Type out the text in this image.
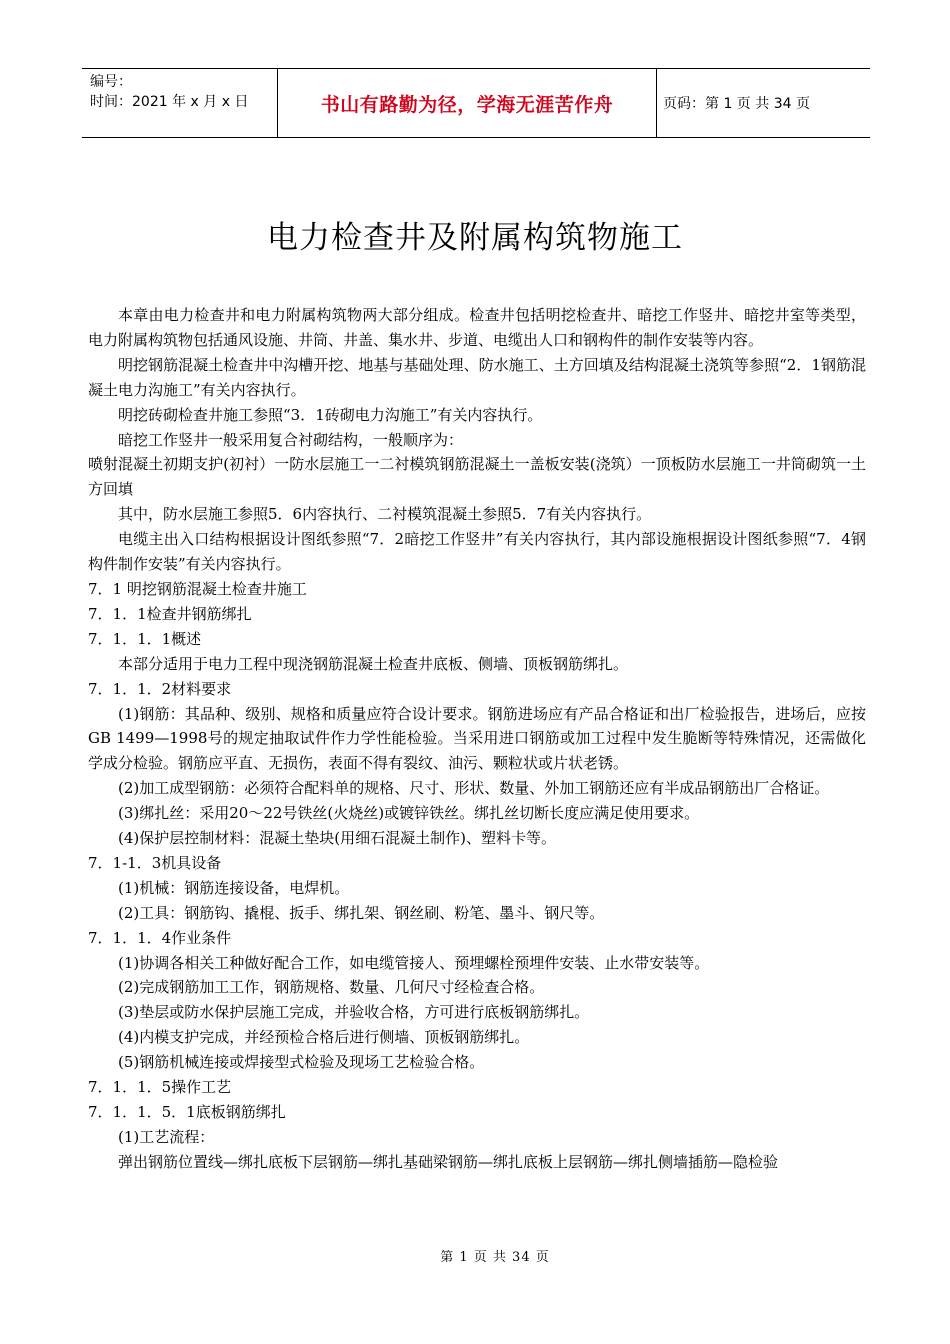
编号：
时间：2021 年 x 月 x 日	书山有路勤为径，学海无涯苦作舟	页码：第 1 页 共 34 页
电力检查井及附属构筑物施工

本章由电力检查井和电力附属构筑物两大部分组成。检查井包括明挖检查井、暗挖工作竖井、暗挖井室等类型，电力附属构筑物包括通风设施、井筒、井盖、集水井、步道、电缆出人口和钢构件的制作安装等内容。

明挖钢筋混凝土检查井中沟槽开挖、地基与基础处理、防水施工、土方回填及结构混凝土浇筑等参照“2．1钢筋混凝土电力沟施工”有关内容执行。

明挖砖砌检查井施工参照“3．1砖砌电力沟施工”有关内容执行。

暗挖工作竖井一般采用复合衬砌结构，一般顺序为：

喷射混凝土初期支护(初衬）一防水层施工一二衬模筑钢筋混凝土一盖板安装(浇筑）一顶板防水层施工一井筒砌筑一土方回填

其中，防水层施工参照5．6内容执行、二衬模筑混凝土参照5．7有关内容执行。

电缆主出入口结构根据设计图纸参照“7．2暗挖工作竖井”有关内容执行，其内部设施根据设计图纸参照“7．4钢构件制作安装”有关内容执行。

7．1 明挖钢筋混凝土检查井施工

7．1．1检查井钢筋绑扎

7．1．1．1概述

本部分适用于电力工程中现浇钢筋混凝土检查井底板、侧墙、顶板钢筋绑扎。

7．1．1．2材料要求

(1)钢筋：其品种、级别、规格和质量应符合设计要求。钢筋进场应有产品合格证和出厂检验报告，进场后，应按GB 1499—1998号的规定抽取试件作力学性能检验。当采用进口钢筋或加工过程中发生脆断等特殊情况，还需做化学成分检验。钢筋应平直、无损伤，表面不得有裂纹、油污、颗粒状或片状老锈。

(2)加工成型钢筋：必须符合配料单的规格、尺寸、形状、数量、外加工钢筋还应有半成品钢筋出厂合格证。

(3)绑扎丝：采用20～22号铁丝(火烧丝)或镀锌铁丝。绑扎丝切断长度应满足使用要求。

(4)保护层控制材料：混凝土垫块(用细石混凝土制作)、塑料卡等。

7．1-1．3机具设备

(1)机械：钢筋连接设备，电焊机。

(2)工具：钢筋钩、撬棍、扳手、绑扎架、钢丝刷、粉笔、墨斗、钢尺等。

7．1．1．4作业条件

(1)协调各相关工种做好配合工作，如电缆管接人、预埋螺栓预埋件安装、止水带安装等。

(2)完成钢筋加工工作，钢筋规格、数量、几何尺寸经检查合格。

(3)垫层或防水保护层施工完成，并验收合格，方可进行底板钢筋绑扎。

(4)内模支护完成，并经预检合格后进行侧墙、顶板钢筋绑扎。

(5)钢筋机械连接或焊接型式检验及现场工艺检验合格。

7．1．1．5操作工艺

7．1．1．5．1底板钢筋绑扎

(1)工艺流程：

弹出钢筋位置线—绑扎底板下层钢筋—绑扎基础梁钢筋—绑扎底板上层钢筋—绑扎侧墙插筋—隐检验

第 1 页 共 34 页
